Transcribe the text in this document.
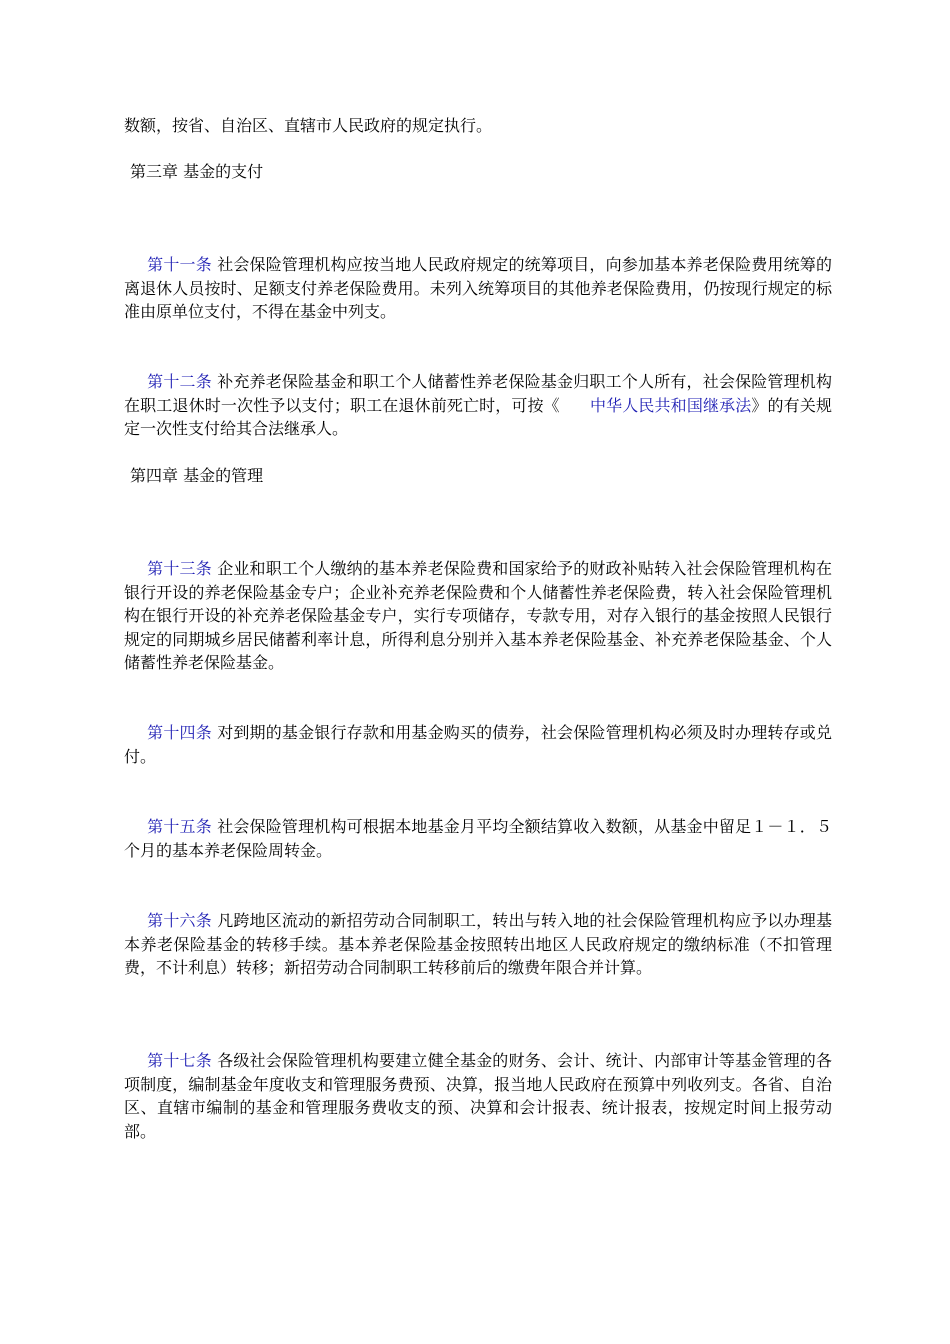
数额，按省、自治区、直辖市人民政府的规定执行。
第三章 基金的支付
第十一条 社会保险管理机构应按当地人民政府规定的统筹项目，向参加基本养老保险费用统筹的离退休人员按时、足额支付养老保险费用。未列入统筹项目的其他养老保险费用，仍按现行规定的标准由原单位支付，不得在基金中列支。
第十二条 补充养老保险基金和职工个人储蓄性养老保险基金归职工个人所有，社会保险管理机构在职工退休时一次性予以支付；职工在退休前死亡时，可按《 中华人民共和国继承法》的有关规定一次性支付给其合法继承人。
第四章 基金的管理
第十三条 企业和职工个人缴纳的基本养老保险费和国家给予的财政补贴转入社会保险管理机构在银行开设的养老保险基金专户；企业补充养老保险费和个人储蓄性养老保险费，转入社会保险管理机构在银行开设的补充养老保险基金专户，实行专项储存，专款专用，对存入银行的基金按照人民银行规定的同期城乡居民储蓄利率计息，所得利息分别并入基本养老保险基金、补充养老保险基金、个人储蓄性养老保险基金。
第十四条 对到期的基金银行存款和用基金购买的债券，社会保险管理机构必须及时办理转存或兑付。
第十五条 社会保险管理机构可根据本地基金月平均全额结算收入数额，从基金中留足１－１．５个月的基本养老保险周转金。
第十六条 凡跨地区流动的新招劳动合同制职工，转出与转入地的社会保险管理机构应予以办理基本养老保险基金的转移手续。基本养老保险基金按照转出地区人民政府规定的缴纳标准（不扣管理费，不计利息）转移；新招劳动合同制职工转移前后的缴费年限合并计算。
第十七条 各级社会保险管理机构要建立健全基金的财务、会计、统计、内部审计等基金管理的各项制度，编制基金年度收支和管理服务费预、决算，报当地人民政府在预算中列收列支。各省、自治区、直辖市编制的基金和管理服务费收支的预、决算和会计报表、统计报表，按规定时间上报劳动部。
